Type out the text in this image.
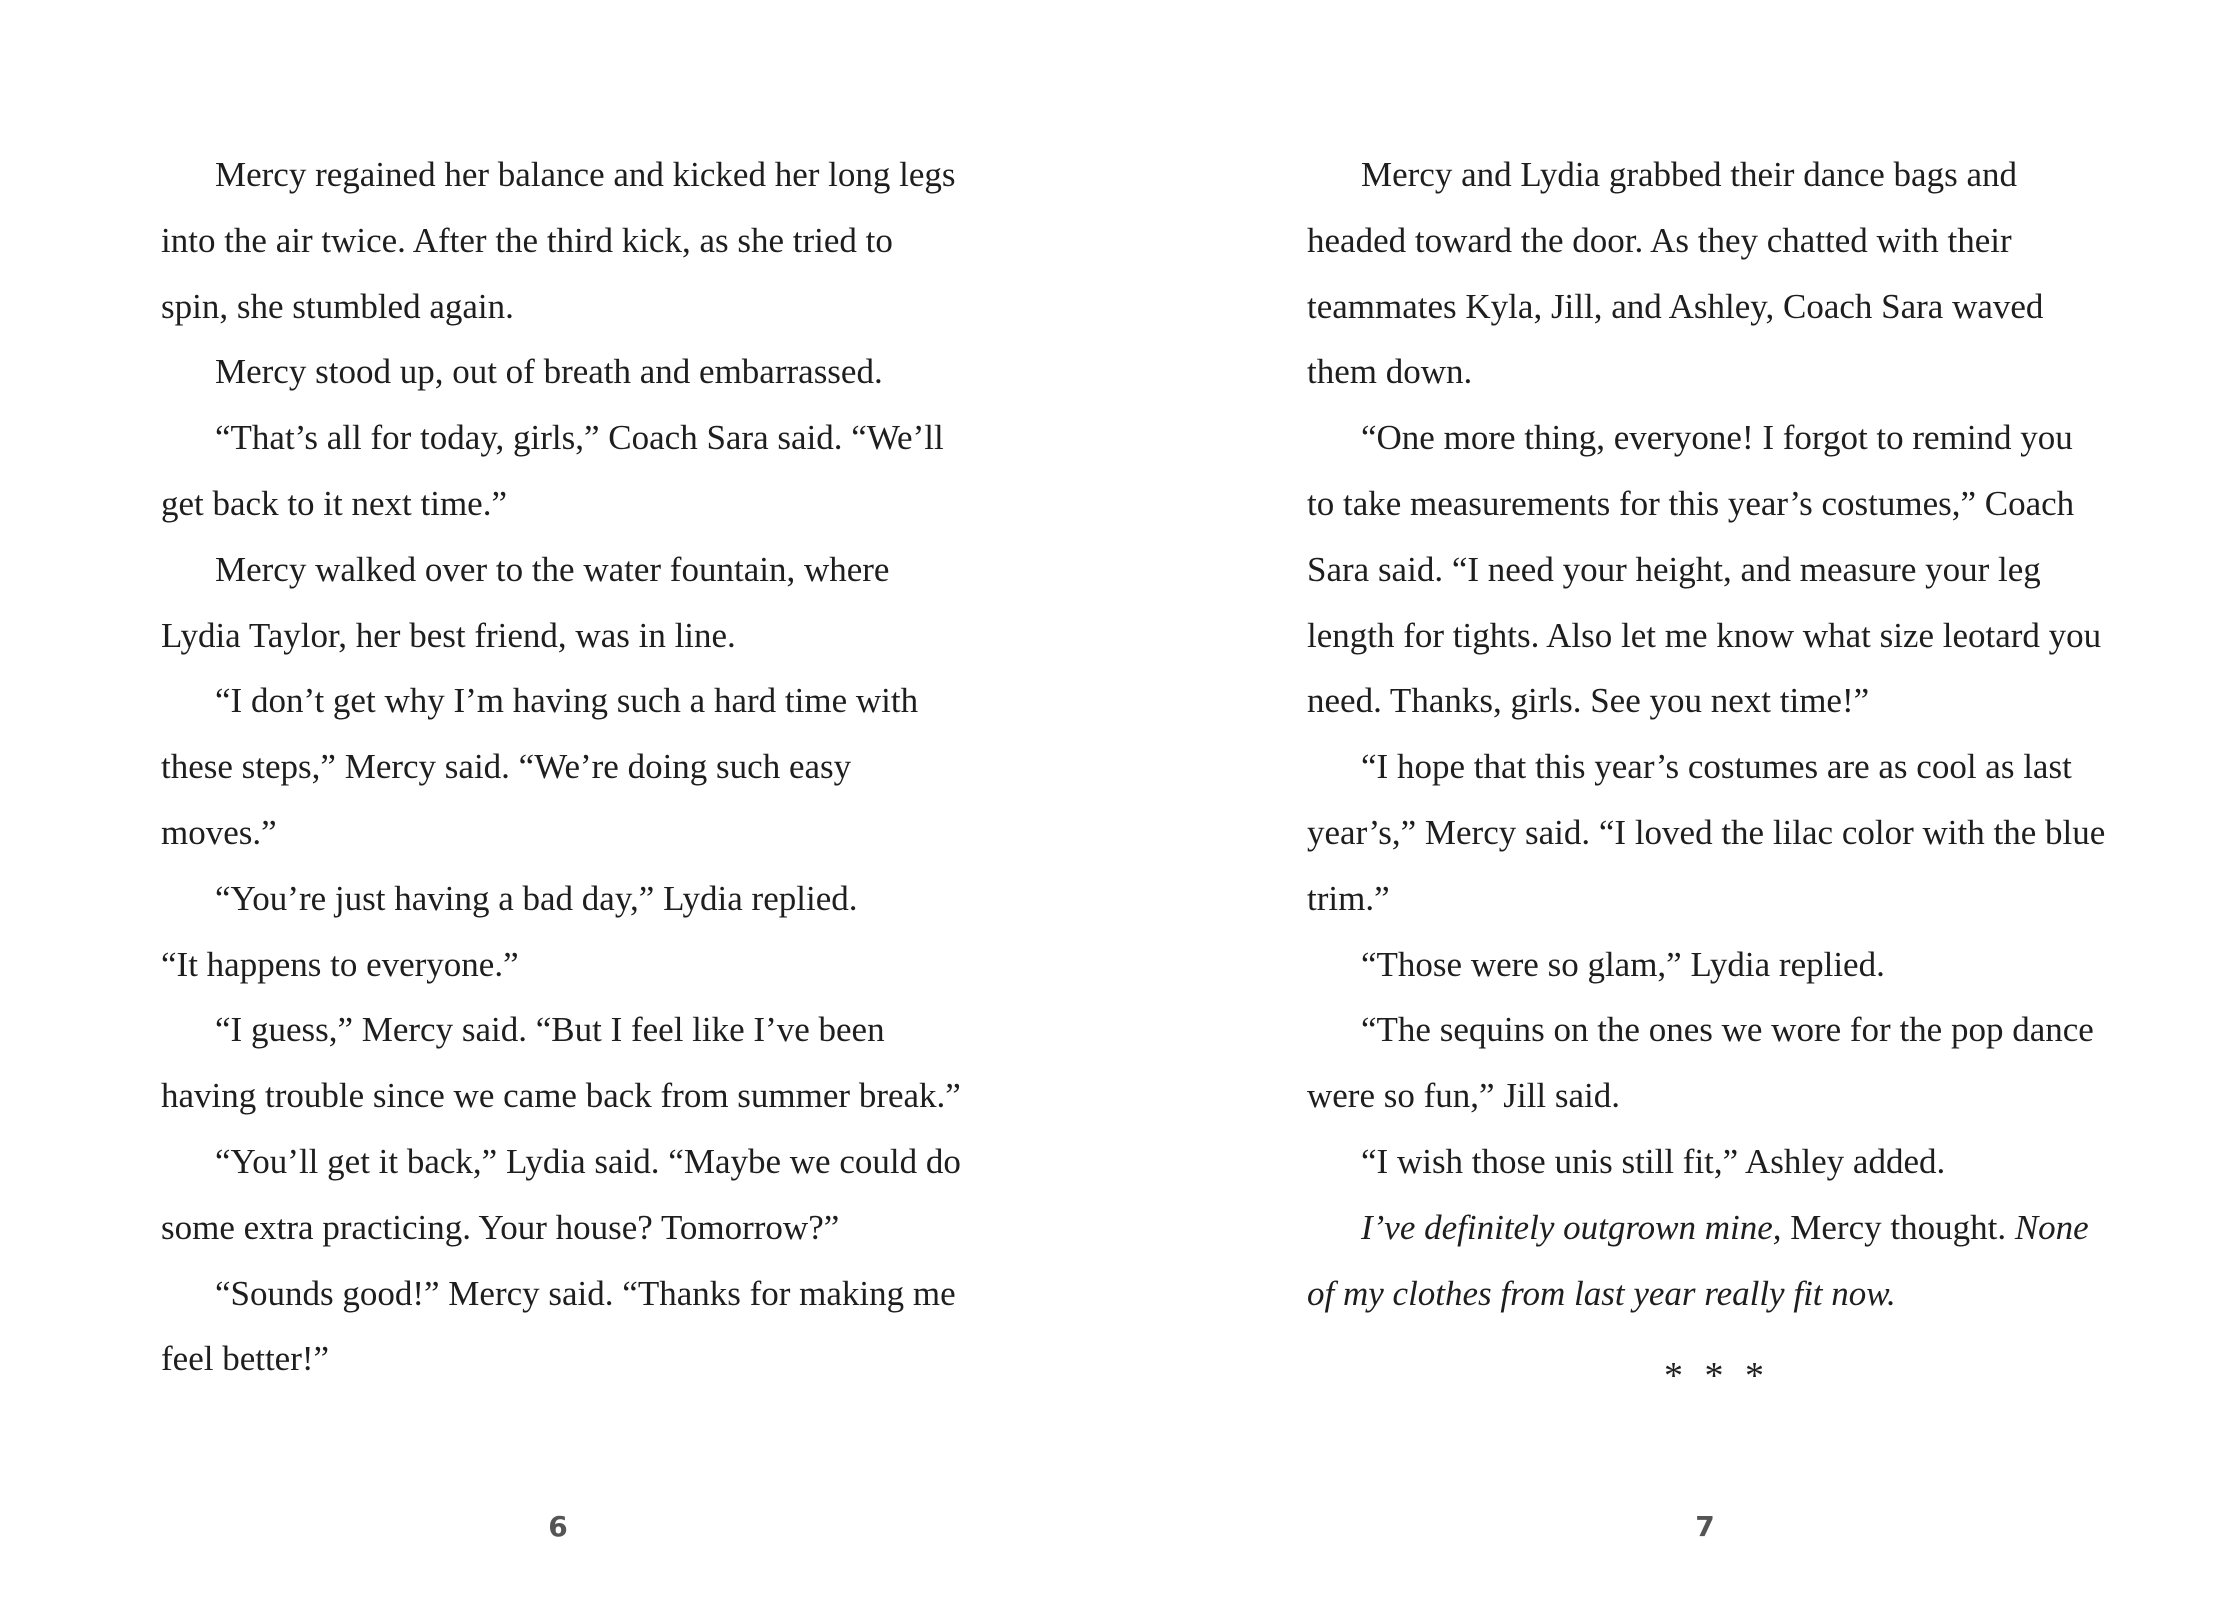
Mercy regained her balance and kicked her long legs into the air twice. After the third kick, as she tried to spin, she stumbled again.

Mercy stood up, out of breath and embarrassed.

“That’s all for today, girls,” Coach Sara said. “We’ll get back to it next time.”

Mercy walked over to the water fountain, where Lydia Taylor, her best friend, was in line.

“I don’t get why I’m having such a hard time with these steps,” Mercy said. “We’re doing such easy moves.”

“You’re just having a bad day,” Lydia replied.

“It happens to everyone.”

“I guess,” Mercy said. “But I feel like I’ve been having trouble since we came back from summer break.”

“You’ll get it back,” Lydia said. “Maybe we could do some extra practicing. Your house? Tomorrow?”

“Sounds good!” Mercy said. “Thanks for making me feel better!”

Mercy and Lydia grabbed their dance bags and headed toward the door. As they chatted with their teammates Kyla, Jill, and Ashley, Coach Sara waved them down.

“One more thing, everyone! I forgot to remind you to take measurements for this year’s costumes,” Coach Sara said. “I need your height, and measure your leg length for tights. Also let me know what size leotard you need. Thanks, girls. See you next time!”

“I hope that this year’s costumes are as cool as last year’s,” Mercy said. “I loved the lilac color with the blue trim.”

“Those were so glam,” Lydia replied.

“The sequins on the ones we wore for the pop dance were so fun,” Jill said.

“I wish those unis still fit,” Ashley added.

I’ve definitely outgrown mine, Mercy thought. None of my clothes from last year really fit now.

* * *
6	7
